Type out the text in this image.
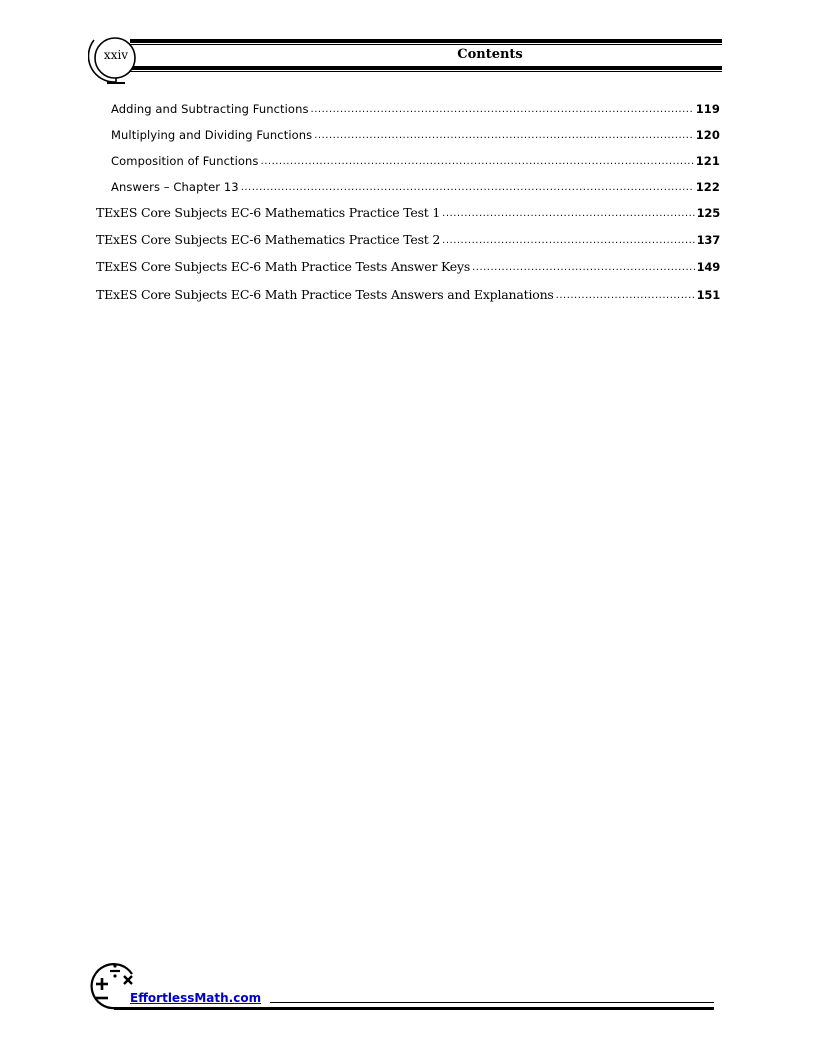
xxiv	Contents
Adding and Subtracting Functions .....	119
Multiplying and Dividing Functions .....	120
Composition of Functions .....	121
Answers – Chapter 13 .....	122
TExES Core Subjects EC-6 Mathematics Practice Test 1 .....	125
TExES Core Subjects EC-6 Mathematics Practice Test 2 .....	137
TExES Core Subjects EC-6 Math Practice Tests Answer Keys .....	149
TExES Core Subjects EC-6 Math Practice Tests Answers and Explanations .....	151
EffortlessMath.com
